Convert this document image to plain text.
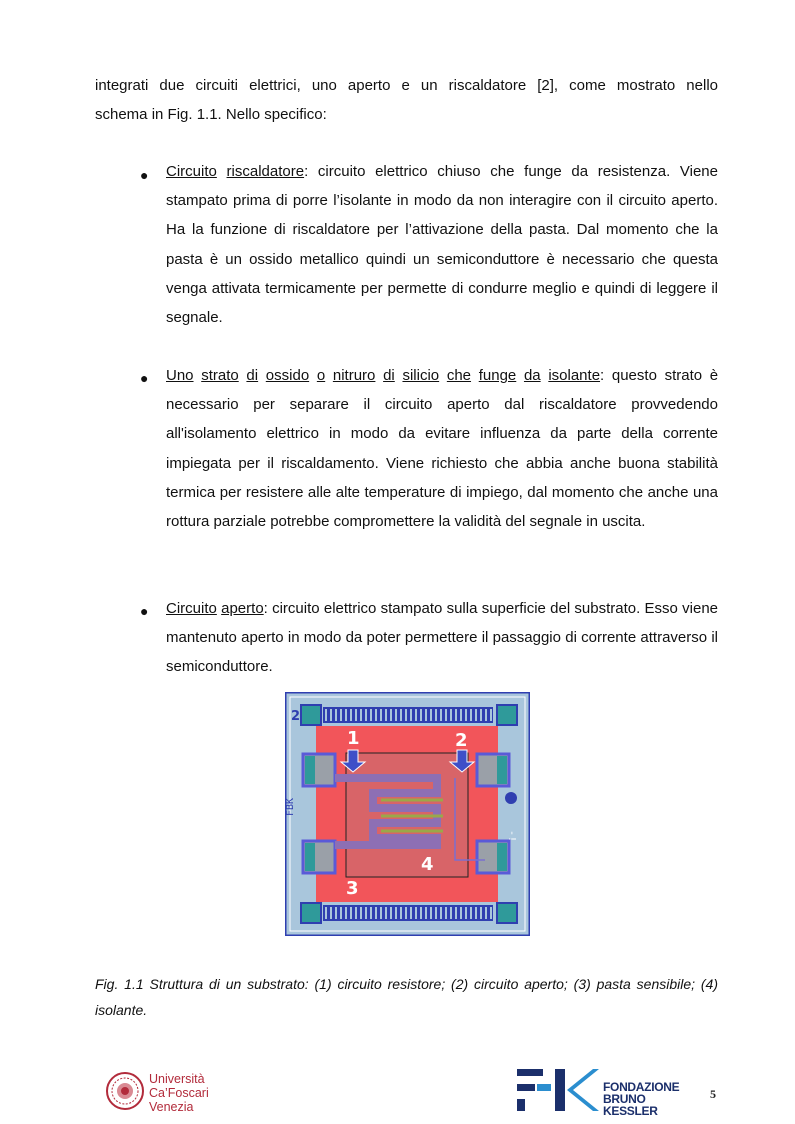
integrati due circuiti elettrici, uno aperto e un riscaldatore [2], come mostrato nello
schema in Fig. 1.1. Nello specifico:
● Circuito riscaldatore: circuito elettrico chiuso che funge da resistenza. Viene stampato prima di porre l’isolante in modo da non interagire con il circuito aperto. Ha la funzione di riscaldatore per l’attivazione della pasta. Dal momento che la pasta è un ossido metallico quindi un semiconduttore è necessario che questa venga attivata termicamente per permette di condurre meglio e quindi di leggere il segnale.
● Uno strato di ossido o nitruro di silicio che funge da isolante: questo strato è necessario per separare il circuito aperto dal riscaldatore provvedendo all'isolamento elettrico in modo da evitare influenza da parte della corrente impiegata per il riscaldamento. Viene richiesto che abbia anche buona stabilità termica per resistere alle alte temperature di impiego, dal momento che anche una rottura parziale potrebbe compromettere la validità del segnale in uscita.
● Circuito aperto: circuito elettrico stampato sulla superficie del substrato. Esso viene mantenuto aperto in modo da poter permettere il passaggio di corrente attraverso il semiconduttore.
-!
FBK
2
1	2
3
4
Fig. 1.1 Struttura di un substrato: (1) circuito resistore; (2) circuito aperto; (3) pasta sensibile; (4) isolante.
Università
Ca’Foscari
Venezia
FONDAZIONE
BRUNO KESSLER
5
